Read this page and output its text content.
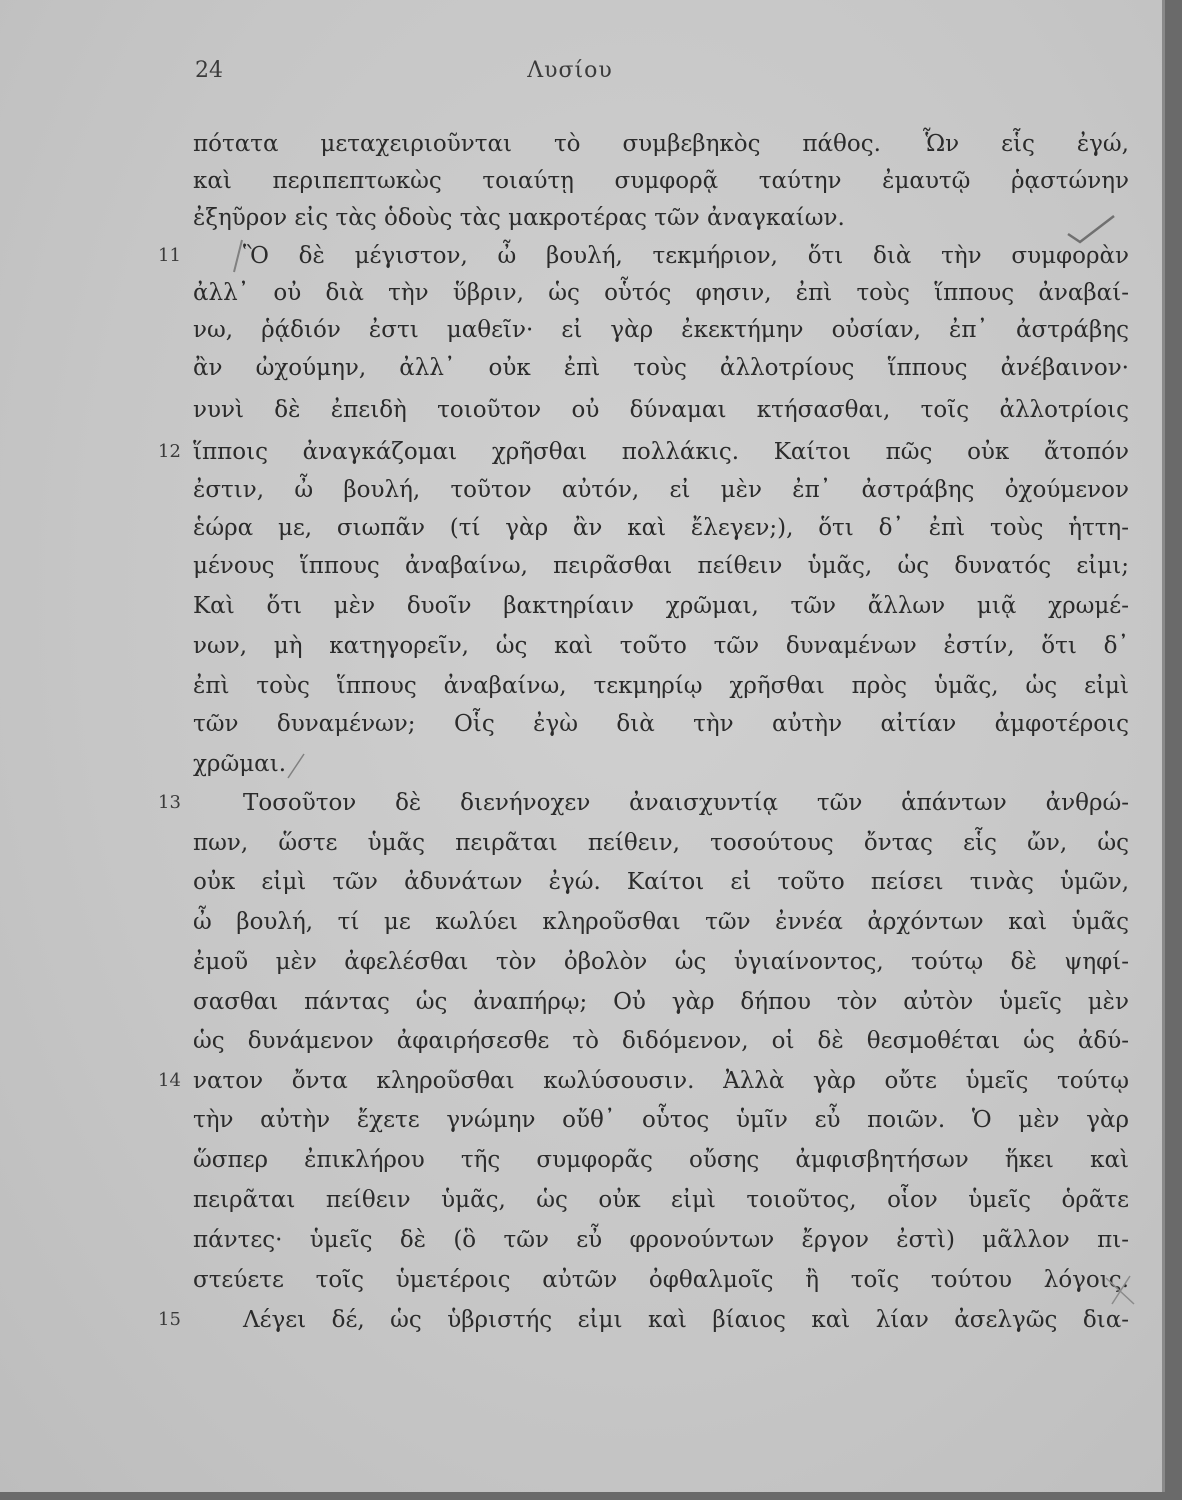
24	Λυσίου
11
12
13
14
15
πότατα μεταχειριοῦνται τὸ συμβεβηκὸς πάθος. Ὧν εἷς ἐγώ,
καὶ περιπεπτωκὼς τοιαύτῃ συμφορᾷ ταύτην ἐμαυτῷ ῥᾳστώνην
ἐξηῦρον εἰς τὰς ὁδοὺς τὰς μακροτέρας τῶν ἀναγκαίων.
Ὃ δὲ μέγιστον, ὦ βουλή, τεκμήριον, ὅτι διὰ τὴν συμφορὰν
ἀλλ᾽ οὐ διὰ τὴν ὕβριν, ὡς οὗτός φησιν, ἐπὶ τοὺς ἵππους ἀναβαί-
νω, ῥᾴδιόν ἐστι μαθεῖν· εἰ γὰρ ἐκεκτήμην οὐσίαν, ἐπ᾽ ἀστράβης
ἂν ὠχούμην, ἀλλ᾽ οὐκ ἐπὶ τοὺς ἀλλοτρίους ἵππους ἀνέβαινον·
νυνὶ δὲ ἐπειδὴ τοιοῦτον οὐ δύναμαι κτήσασθαι, τοῖς ἀλλοτρίοις
ἵπποις ἀναγκάζομαι χρῆσθαι πολλάκις. Καίτοι πῶς οὐκ ἄτοπόν
ἐστιν, ὦ βουλή, τοῦτον αὐτόν, εἰ μὲν ἐπ᾽ ἀστράβης ὀχούμενον
ἑώρα με, σιωπᾶν (τί γὰρ ἂν καὶ ἔλεγεν;), ὅτι δ᾽ ἐπὶ τοὺς ἡττη-
μένους ἵππους ἀναβαίνω, πειρᾶσθαι πείθειν ὑμᾶς, ὡς δυνατός εἰμι;
Καὶ ὅτι μὲν δυοῖν βακτηρίαιν χρῶμαι, τῶν ἄλλων μιᾷ χρωμέ-
νων, μὴ κατηγορεῖν, ὡς καὶ τοῦτο τῶν δυναμένων ἐστίν, ὅτι δ᾽
ἐπὶ τοὺς ἵππους ἀναβαίνω, τεκμηρίῳ χρῆσθαι πρὸς ὑμᾶς, ὡς εἰμὶ
τῶν δυναμένων; Οἷς ἐγὼ διὰ τὴν αὐτὴν αἰτίαν ἀμφοτέροις
χρῶμαι.
Τοσοῦτον δὲ διενήνοχεν ἀναισχυντίᾳ τῶν ἁπάντων ἀνθρώ-
πων, ὥστε ὑμᾶς πειρᾶται πείθειν, τοσούτους ὄντας εἷς ὤν, ὡς
οὐκ εἰμὶ τῶν ἀδυνάτων ἐγώ. Καίτοι εἰ τοῦτο πείσει τινὰς ὑμῶν,
ὦ βουλή, τί με κωλύει κληροῦσθαι τῶν ἐννέα ἀρχόντων καὶ ὑμᾶς
ἐμοῦ μὲν ἀφελέσθαι τὸν ὀβολὸν ὡς ὑγιαίνοντος, τούτῳ δὲ ψηφί-
σασθαι πάντας ὡς ἀναπήρῳ; Οὐ γὰρ δήπου τὸν αὐτὸν ὑμεῖς μὲν
ὡς δυνάμενον ἀφαιρήσεσθε τὸ διδόμενον, οἱ δὲ θεσμοθέται ὡς ἀδύ-
νατον ὄντα κληροῦσθαι κωλύσουσιν. Ἀλλὰ γὰρ οὔτε ὑμεῖς τούτῳ
τὴν αὐτὴν ἔχετε γνώμην οὔθ᾽ οὗτος ὑμῖν εὖ ποιῶν. Ὁ μὲν γὰρ
ὥσπερ ἐπικλήρου τῆς συμφορᾶς οὔσης ἀμφισβητήσων ἥκει καὶ
πειρᾶται πείθειν ὑμᾶς, ὡς οὐκ εἰμὶ τοιοῦτος, οἷον ὑμεῖς ὁρᾶτε
πάντες· ὑμεῖς δὲ (ὃ τῶν εὖ φρονούντων ἔργον ἐστὶ) μᾶλλον πι-
στεύετε τοῖς ὑμετέροις αὐτῶν ὀφθαλμοῖς ἢ τοῖς τούτου λόγοις.
Λέγει δέ, ὡς ὑβριστής εἰμι καὶ βίαιος καὶ λίαν ἀσελγῶς δια-
